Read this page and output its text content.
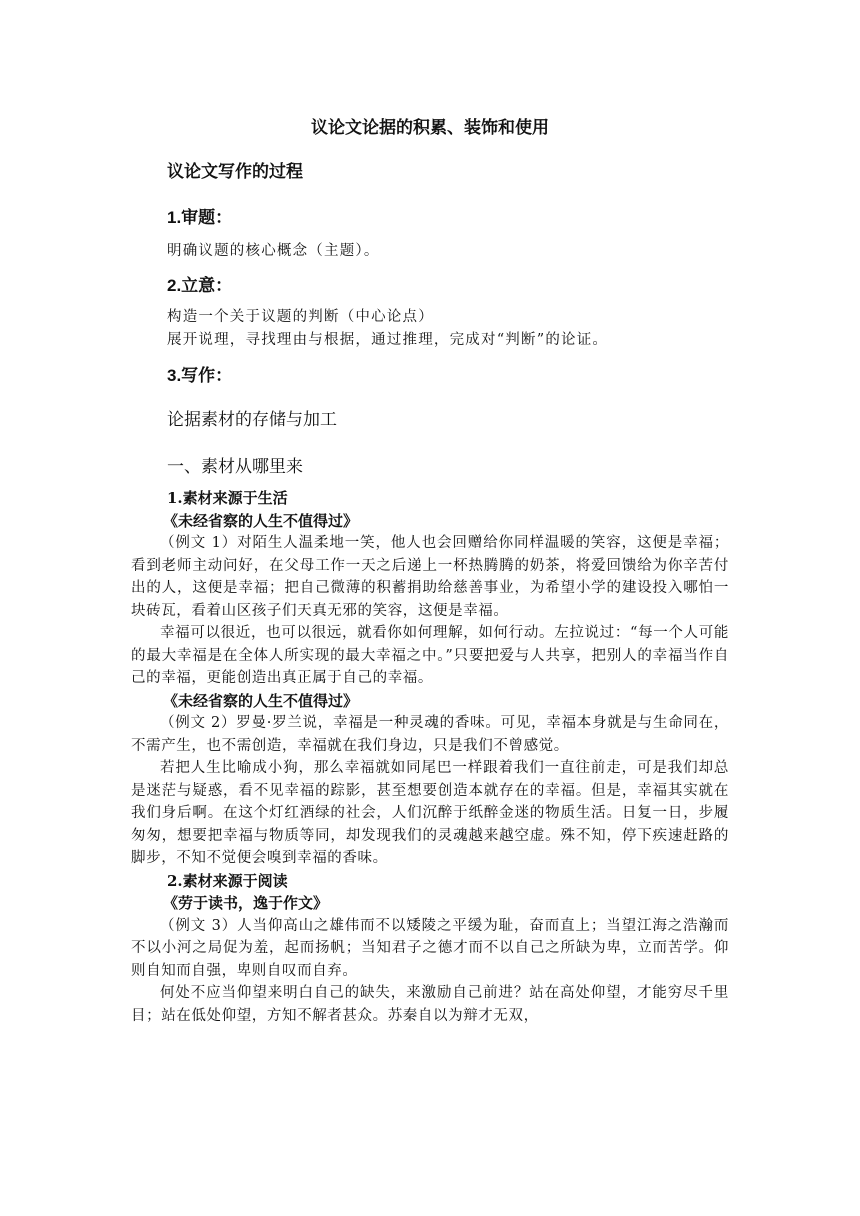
议论文论据的积累、装饰和使用
议论文写作的过程
1.审题：
明确议题的核心概念（主题）。
2.立意：
构造一个关于议题的判断（中心论点）
展开说理，寻找理由与根据，通过推理，完成对“判断”的论证。
3.写作：
论据素材的存储与加工
一、素材从哪里来

1.素材来源于生活

《未经省察的人生不值得过》

（例文 1）对陌生人温柔地一笑，他人也会回赠给你同样温暖的笑容，这便是幸福；看到老师主动问好，在父母工作一天之后递上一杯热腾腾的奶茶，将爱回馈给为你辛苦付出的人，这便是幸福；把自己微薄的积蓄捐助给慈善事业，为希望小学的建设投入哪怕一块砖瓦，看着山区孩子们天真无邪的笑容，这便是幸福。

幸福可以很近，也可以很远，就看你如何理解，如何行动。左拉说过：“每一个人可能的最大幸福是在全体人所实现的最大幸福之中。”只要把爱与人共享，把别人的幸福当作自己的幸福，更能创造出真正属于自己的幸福。

《未经省察的人生不值得过》

（例文 2）罗曼·罗兰说，幸福是一种灵魂的香味。可见，幸福本身就是与生命同在，不需产生，也不需创造，幸福就在我们身边，只是我们不曾感觉。

若把人生比喻成小狗，那么幸福就如同尾巴一样跟着我们一直往前走，可是我们却总是迷茫与疑惑，看不见幸福的踪影，甚至想要创造本就存在的幸福。但是，幸福其实就在我们身后啊。在这个灯红酒绿的社会，人们沉醉于纸醉金迷的物质生活。日复一日，步履匆匆，想要把幸福与物质等同，却发现我们的灵魂越来越空虚。殊不知，停下疾速赶路的脚步，不知不觉便会嗅到幸福的香味。

2.素材来源于阅读

《劳于读书，逸于作文》

（例文 3）人当仰高山之雄伟而不以矮陵之平缓为耻，奋而直上；当望江海之浩瀚而不以小河之局促为羞，起而扬帆；当知君子之德才而不以自己之所缺为卑，立而苦学。仰则自知而自强，卑则自叹而自弃。

何处不应当仰望来明白自己的缺失，来激励自己前进？站在高处仰望，才能穷尽千里目；站在低处仰望，方知不解者甚众。苏秦自以为辩才无双，
